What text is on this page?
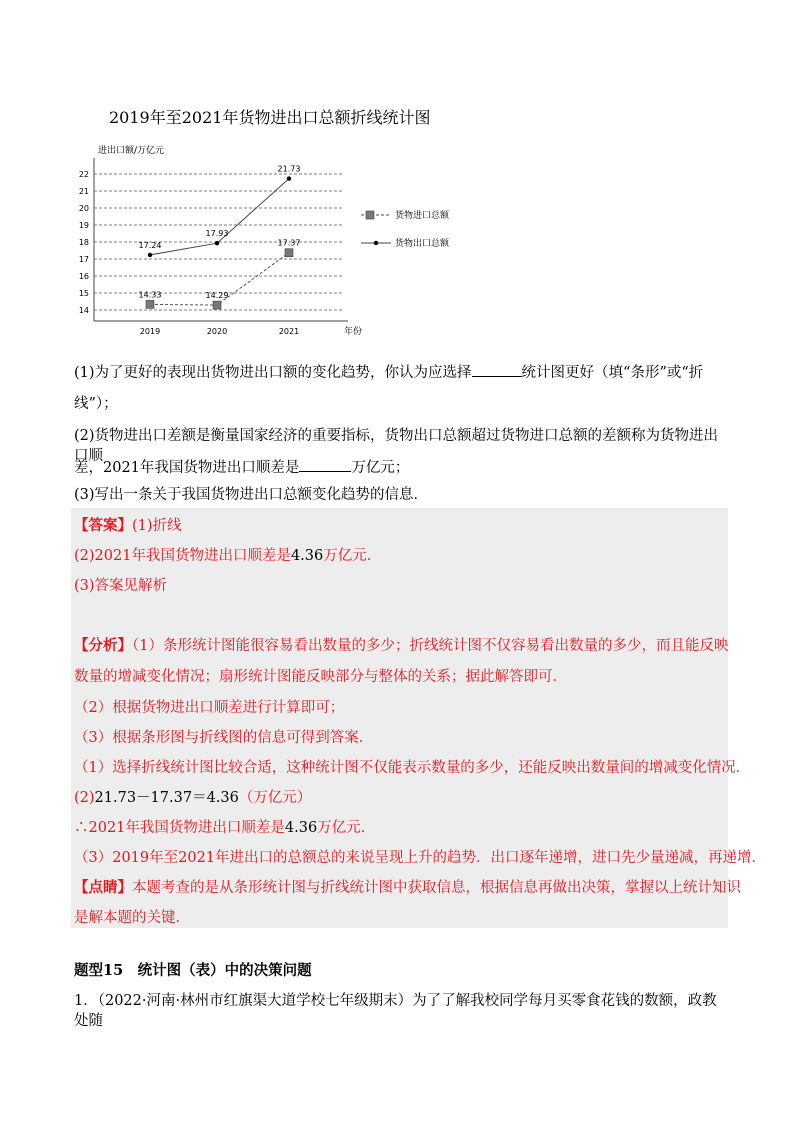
2019年至2021年货物进出口总额折线统计图
进出口额/万亿元
14
15
16
17
18
19
20
21
22
2019	2020	2021	年份
14.33	14.29
17.37
17.24
17.93
21.73
货物进口总额
货物出口总额
(1)为了更好的表现出货物进出口额的变化趋势，你认为应选择	统计图更好（填“条形”或“折
线”）；
(2)货物进出口差额是衡量国家经济的重要指标，货物出口总额超过货物进口总额的差额称为货物进出口顺
差，2021年我国货物进出口顺差是	万亿元；
(3)写出一条关于我国货物进出口总额变化趋势的信息．
【答案】(1)折线
(2)2021年我国货物进出口顺差是4.36万亿元．
(3)答案见解析
【分析】（1）条形统计图能很容易看出数量的多少；折线统计图不仅容易看出数量的多少，而且能反映
数量的增减变化情况；扇形统计图能反映部分与整体的关系；据此解答即可．
（2）根据货物进出口顺差进行计算即可；
（3）根据条形图与折线图的信息可得到答案．
（1）选择折线统计图比较合适，这种统计图不仅能表示数量的多少，还能反映出数量间的增减变化情况．
(2)21.73－17.37＝4.36（万亿元）
∴2021年我国货物进出口顺差是4.36万亿元．
（3）2019年至2021年进出口的总额总的来说呈现上升的趋势．出口逐年递增，进口先少量递减，再递增．
【点睛】本题考查的是从条形统计图与折线统计图中获取信息，根据信息再做出决策，掌握以上统计知识
是解本题的关键．
题型15　统计图（表）中的决策问题
1．（2022·河南·林州市红旗渠大道学校七年级期末）为了了解我校同学每月买零食花钱的数额，政教处随
